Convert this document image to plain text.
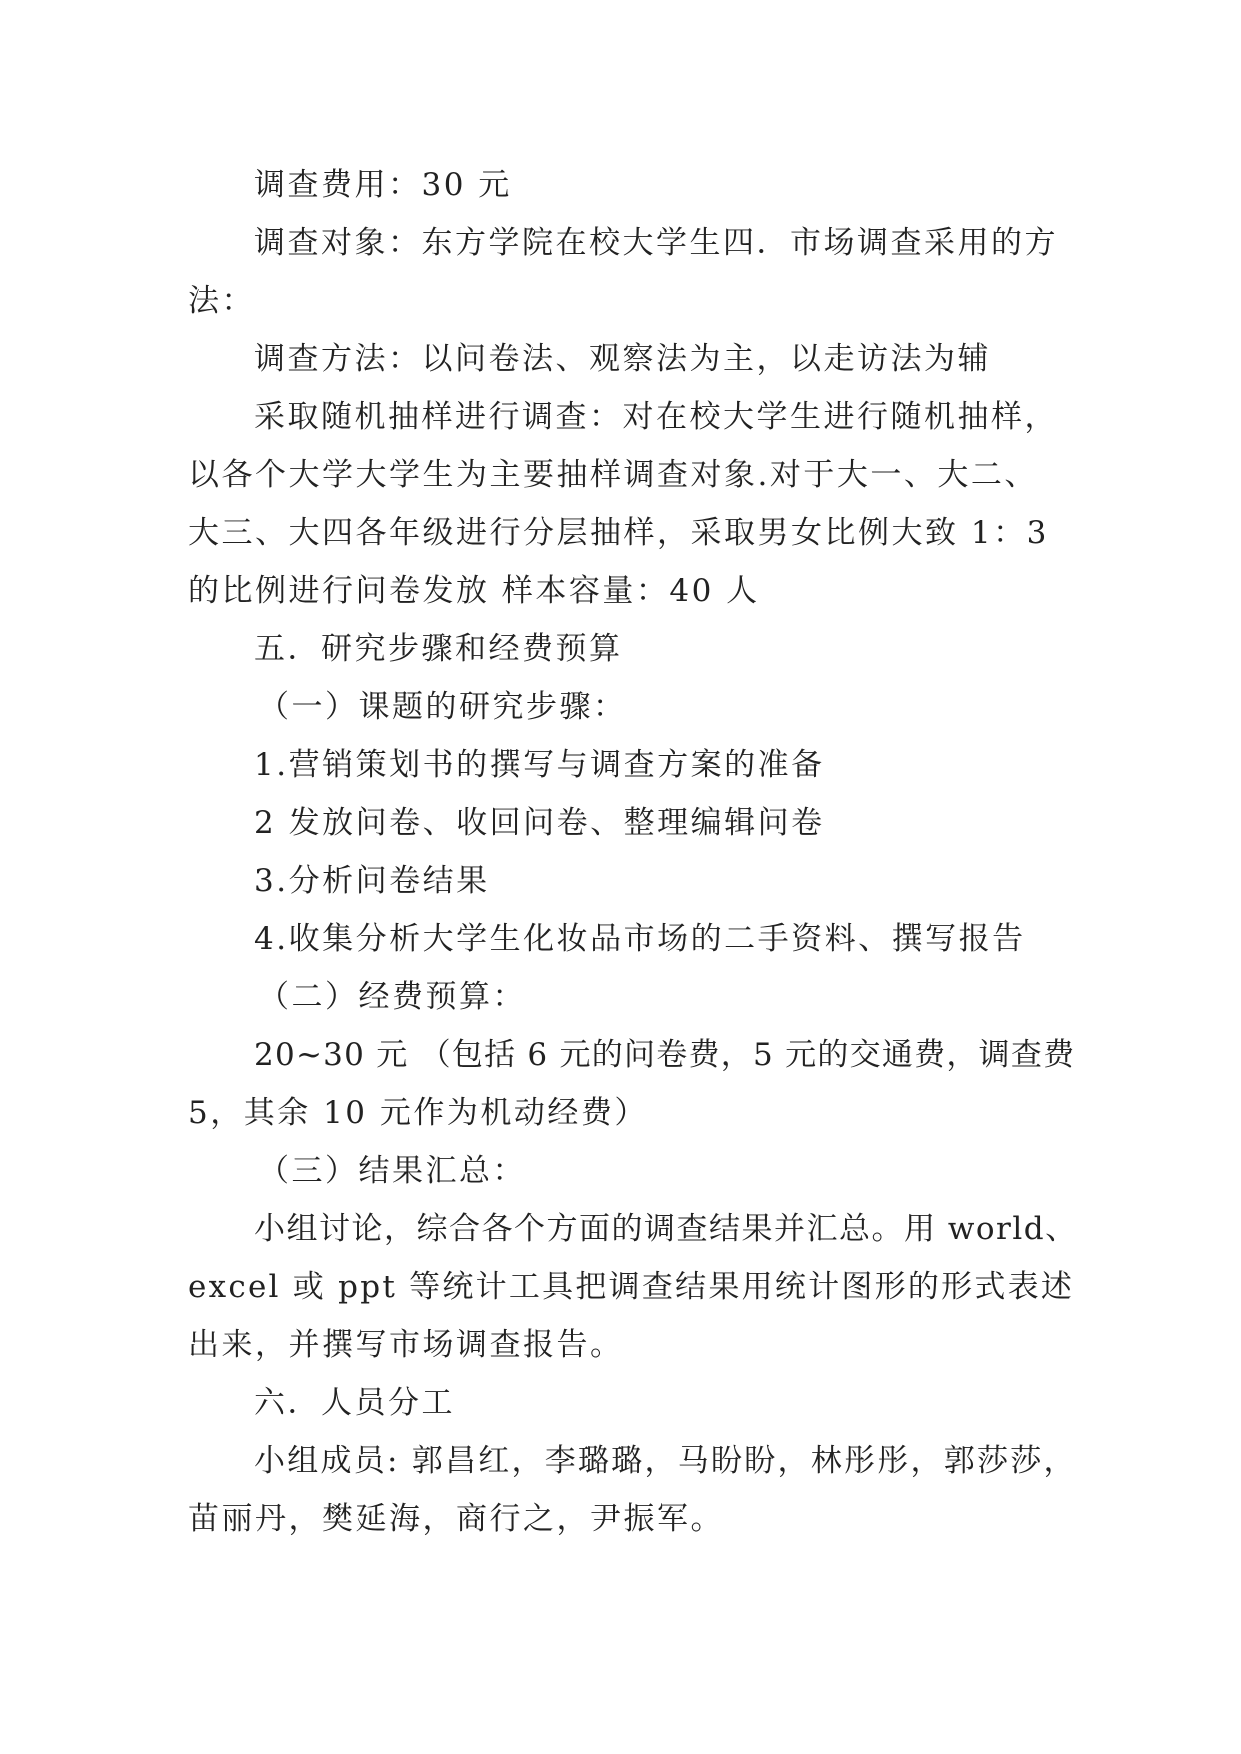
调查费用：30 元
调查对象：东方学院在校大学生四．市场调查采用的方
法：
调查方法：以问卷法、观察法为主，以走访法为辅
采取随机抽样进行调查：对在校大学生进行随机抽样，
以各个大学大学生为主要抽样调查对象.对于大一、大二、
大三、大四各年级进行分层抽样，采取男女比例大致 1：3
的比例进行问卷发放 样本容量：40 人
五．研究步骤和经费预算
（一）课题的研究步骤：
1.营销策划书的撰写与调查方案的准备
2 发放问卷、收回问卷、整理编辑问卷
3.分析问卷结果
4.收集分析大学生化妆品市场的二手资料、撰写报告
（二）经费预算：
20~30 元 （包括 6 元的问卷费，5 元的交通费，调查费
5，其余 10 元作为机动经费）
（三）结果汇总：
小组讨论，综合各个方面的调查结果并汇总。用 world、
excel 或 ppt 等统计工具把调查结果用统计图形的形式表述
出来，并撰写市场调查报告。
六．人员分工
小组成员: 郭昌红，李璐璐，马盼盼，林彤彤，郭莎莎，
苗丽丹，樊延海，商行之，尹振军。
